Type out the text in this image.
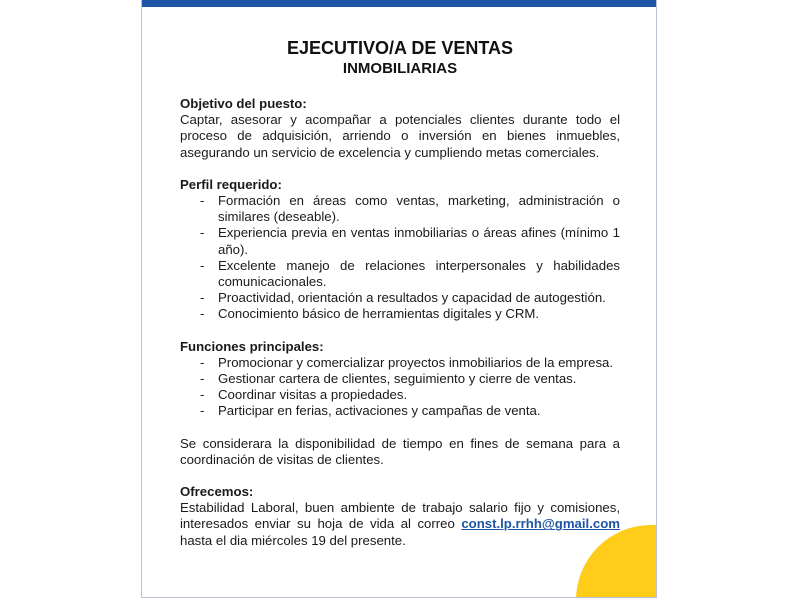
EJECUTIVO/A DE VENTAS
INMOBILIARIAS
Objetivo del puesto:

Captar, asesorar y acompañar a potenciales clientes durante todo el proceso de adquisición, arriendo o inversión en bienes inmuebles, asegurando un servicio de excelencia y cumpliendo metas comerciales.

Perfil requerido:
- Formación en áreas como ventas, marketing, administración o similares (deseable).
- Experiencia previa en ventas inmobiliarias o áreas afines (mínimo 1 año).
- Excelente manejo de relaciones interpersonales y habilidades comunicacionales.
- Proactividad, orientación a resultados y capacidad de autogestión.
- Conocimiento básico de herramientas digitales y CRM.
Funciones principales:
- Promocionar y comercializar proyectos inmobiliarios de la empresa.
- Gestionar cartera de clientes, seguimiento y cierre de ventas.
- Coordinar visitas a propiedades.
- Participar en ferias, activaciones y campañas de venta.

Se considerara la disponibilidad de tiempo en fines de semana para a coordinación de visitas de clientes.

Ofrecemos:

Estabilidad Laboral, buen ambiente de trabajo salario fijo y comisiones, interesados enviar su hoja de vida al correo const.lp.rrhh@gmail.com hasta el dia miércoles 19 del presente.
